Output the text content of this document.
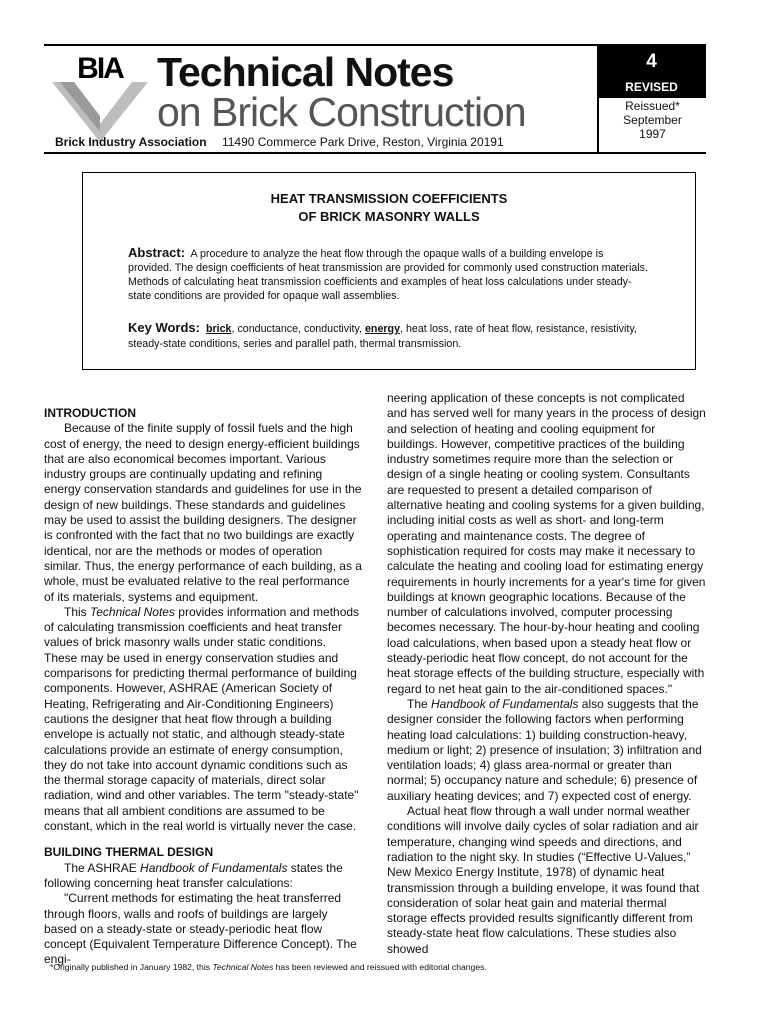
BIA Technical Notes
on Brick Construction
Brick Industry Association 11490 Commerce Park Drive, Reston, Virginia 20191
4
REVISED
Reissued*
September
1997
HEAT TRANSMISSION COEFFICIENTS
OF BRICK MASONRY WALLS
Abstract: A procedure to analyze the heat flow through the opaque walls of a building envelope is provided. The design coefficients of heat transmission are provided for commonly used construction materials. Methods of calculating heat transmission coefficients and examples of heat loss calculations under steady-state conditions are provided for opaque wall assemblies.
Key Words: brick, conductance, conductivity, energy, heat loss, rate of heat flow, resistance, resistivity, steady-state conditions, series and parallel path, thermal transmission.

INTRODUCTION

Because of the finite supply of fossil fuels and the high cost of energy, the need to design energy-efficient buildings that are also economical becomes important. Various industry groups are continually updating and refining energy conservation standards and guidelines for use in the design of new buildings. These standards and guidelines may be used to assist the building designers. The designer is confronted with the fact that no two buildings are exactly identical, nor are the methods or modes of operation similar. Thus, the energy performance of each building, as a whole, must be evaluated relative to the real performance of its materials, systems and equipment.

This Technical Notes provides information and methods of calculating transmission coefficients and heat transfer values of brick masonry walls under static conditions. These may be used in energy conservation studies and comparisons for predicting thermal performance of building components. However, ASHRAE (American Society of Heating, Refrigerating and Air-Conditioning Engineers) cautions the designer that heat flow through a building envelope is actually not static, and although steady-state calculations provide an estimate of energy consumption, they do not take into account dynamic conditions such as the thermal storage capacity of materials, direct solar radiation, wind and other variables. The term "steady-state" means that all ambient conditions are assumed to be constant, which in the real world is virtually never the case.

BUILDING THERMAL DESIGN

The ASHRAE Handbook of Fundamentals states the following concerning heat transfer calculations:

"Current methods for estimating the heat transferred through floors, walls and roofs of buildings are largely based on a steady-state or steady-periodic heat flow concept (Equivalent Temperature Difference Concept). The engi-

neering application of these concepts is not complicated and has served well for many years in the process of design and selection of heating and cooling equipment for buildings. However, competitive practices of the building industry sometimes require more than the selection or design of a single heating or cooling system. Consultants are requested to present a detailed comparison of alternative heating and cooling systems for a given building, including initial costs as well as short- and long-term operating and maintenance costs. The degree of sophistication required for costs may make it necessary to calculate the heating and cooling load for estimating energy requirements in hourly increments for a year's time for given buildings at known geographic locations. Because of the number of calculations involved, computer processing becomes necessary. The hour-by-hour heating and cooling load calculations, when based upon a steady heat flow or steady-periodic heat flow concept, do not account for the heat storage effects of the building structure, especially with regard to net heat gain to the air-conditioned spaces."

The Handbook of Fundamentals also suggests that the designer consider the following factors when performing heating load calculations: 1) building construction-heavy, medium or light; 2) presence of insulation; 3) infiltration and ventilation loads; 4) glass area-normal or greater than normal; 5) occupancy nature and schedule; 6) presence of auxiliary heating devices; and 7) expected cost of energy.

Actual heat flow through a wall under normal weather conditions will involve daily cycles of solar radiation and air temperature, changing wind speeds and directions, and radiation to the night sky. In studies (“Effective U-Values,” New Mexico Energy Institute, 1978) of dynamic heat transmission through a building envelope, it was found that consideration of solar heat gain and material thermal storage effects provided results significantly different from steady-state heat flow calculations. These studies also showed

*Originally published in January 1982, this Technical Notes has been reviewed and reissued with editorial changes.
